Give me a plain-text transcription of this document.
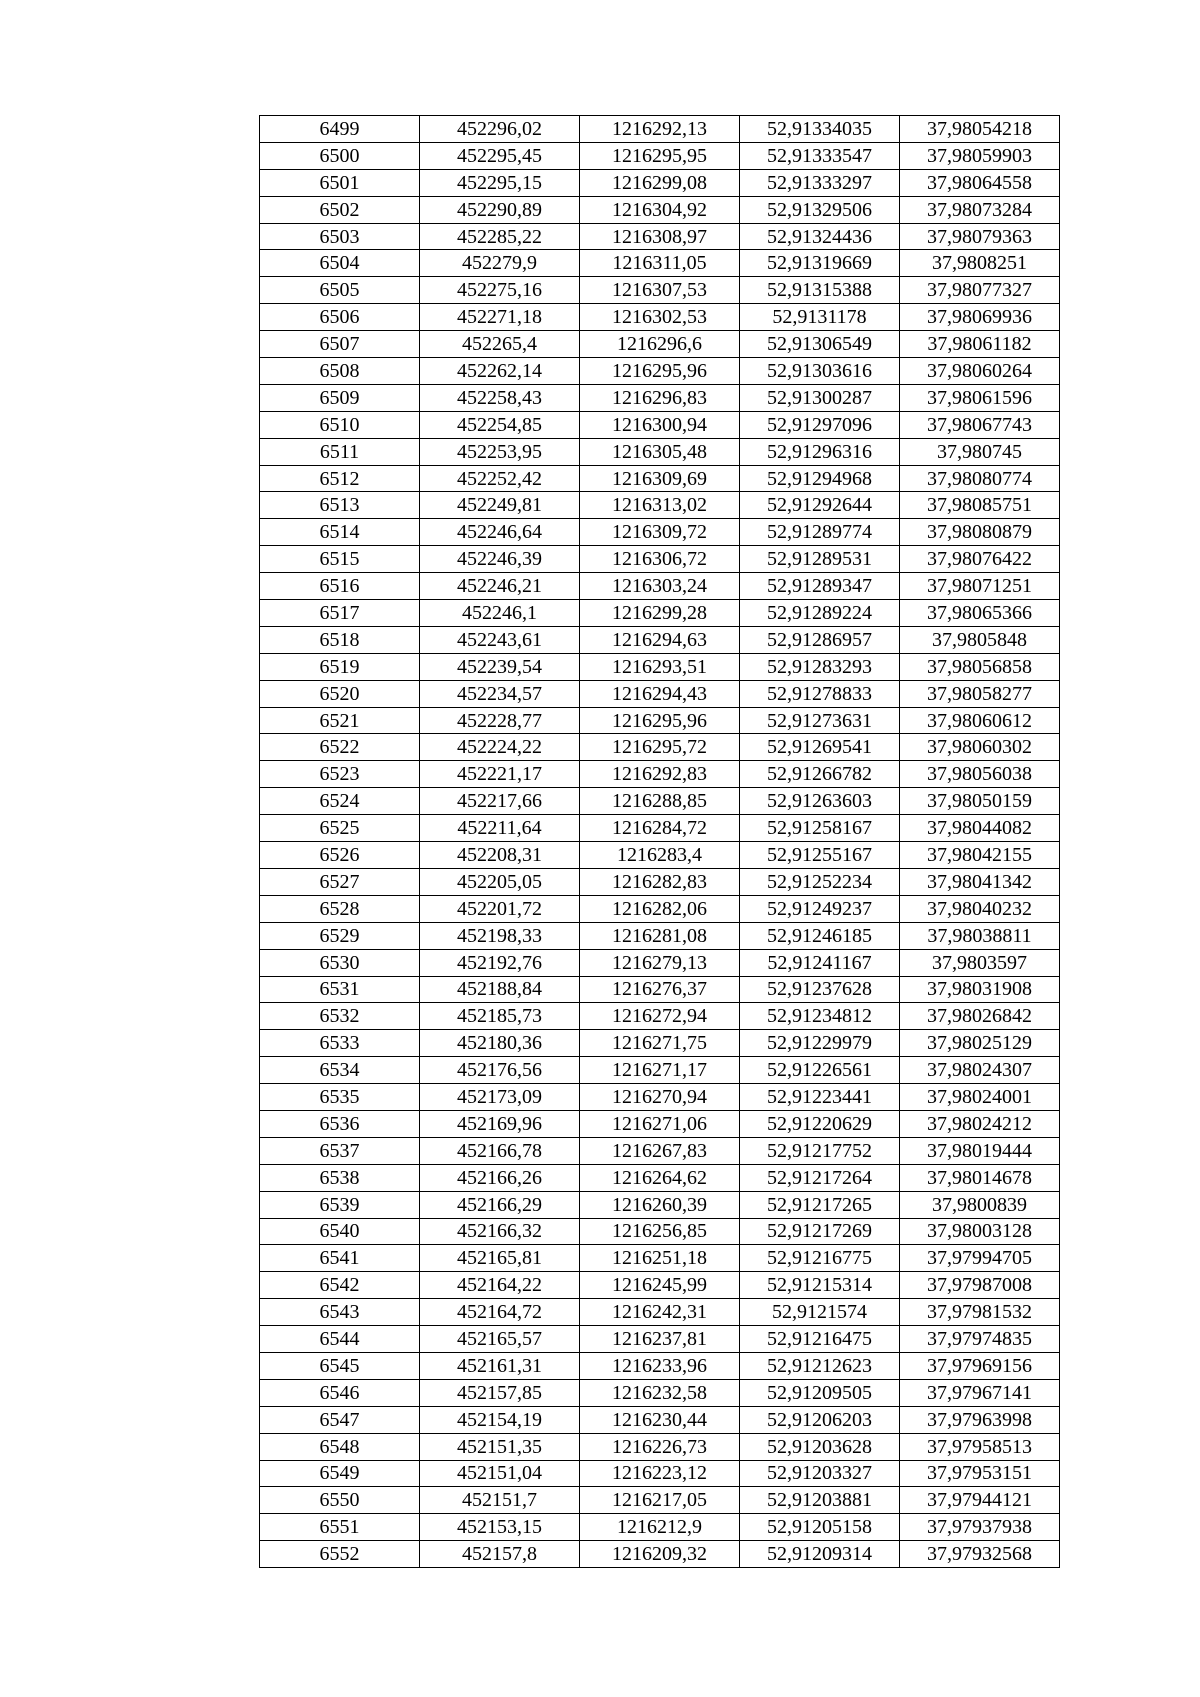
6499	452296,02	1216292,13	52,91334035	37,98054218
6500	452295,45	1216295,95	52,91333547	37,98059903
6501	452295,15	1216299,08	52,91333297	37,98064558
6502	452290,89	1216304,92	52,91329506	37,98073284
6503	452285,22	1216308,97	52,91324436	37,98079363
6504	452279,9	1216311,05	52,91319669	37,9808251
6505	452275,16	1216307,53	52,91315388	37,98077327
6506	452271,18	1216302,53	52,9131178	37,98069936
6507	452265,4	1216296,6	52,91306549	37,98061182
6508	452262,14	1216295,96	52,91303616	37,98060264
6509	452258,43	1216296,83	52,91300287	37,98061596
6510	452254,85	1216300,94	52,91297096	37,98067743
6511	452253,95	1216305,48	52,91296316	37,980745
6512	452252,42	1216309,69	52,91294968	37,98080774
6513	452249,81	1216313,02	52,91292644	37,98085751
6514	452246,64	1216309,72	52,91289774	37,98080879
6515	452246,39	1216306,72	52,91289531	37,98076422
6516	452246,21	1216303,24	52,91289347	37,98071251
6517	452246,1	1216299,28	52,91289224	37,98065366
6518	452243,61	1216294,63	52,91286957	37,9805848
6519	452239,54	1216293,51	52,91283293	37,98056858
6520	452234,57	1216294,43	52,91278833	37,98058277
6521	452228,77	1216295,96	52,91273631	37,98060612
6522	452224,22	1216295,72	52,91269541	37,98060302
6523	452221,17	1216292,83	52,91266782	37,98056038
6524	452217,66	1216288,85	52,91263603	37,98050159
6525	452211,64	1216284,72	52,91258167	37,98044082
6526	452208,31	1216283,4	52,91255167	37,98042155
6527	452205,05	1216282,83	52,91252234	37,98041342
6528	452201,72	1216282,06	52,91249237	37,98040232
6529	452198,33	1216281,08	52,91246185	37,98038811
6530	452192,76	1216279,13	52,91241167	37,9803597
6531	452188,84	1216276,37	52,91237628	37,98031908
6532	452185,73	1216272,94	52,91234812	37,98026842
6533	452180,36	1216271,75	52,91229979	37,98025129
6534	452176,56	1216271,17	52,91226561	37,98024307
6535	452173,09	1216270,94	52,91223441	37,98024001
6536	452169,96	1216271,06	52,91220629	37,98024212
6537	452166,78	1216267,83	52,91217752	37,98019444
6538	452166,26	1216264,62	52,91217264	37,98014678
6539	452166,29	1216260,39	52,91217265	37,9800839
6540	452166,32	1216256,85	52,91217269	37,98003128
6541	452165,81	1216251,18	52,91216775	37,97994705
6542	452164,22	1216245,99	52,91215314	37,97987008
6543	452164,72	1216242,31	52,9121574	37,97981532
6544	452165,57	1216237,81	52,91216475	37,97974835
6545	452161,31	1216233,96	52,91212623	37,97969156
6546	452157,85	1216232,58	52,91209505	37,97967141
6547	452154,19	1216230,44	52,91206203	37,97963998
6548	452151,35	1216226,73	52,91203628	37,97958513
6549	452151,04	1216223,12	52,91203327	37,97953151
6550	452151,7	1216217,05	52,91203881	37,97944121
6551	452153,15	1216212,9	52,91205158	37,97937938
6552	452157,8	1216209,32	52,91209314	37,97932568
